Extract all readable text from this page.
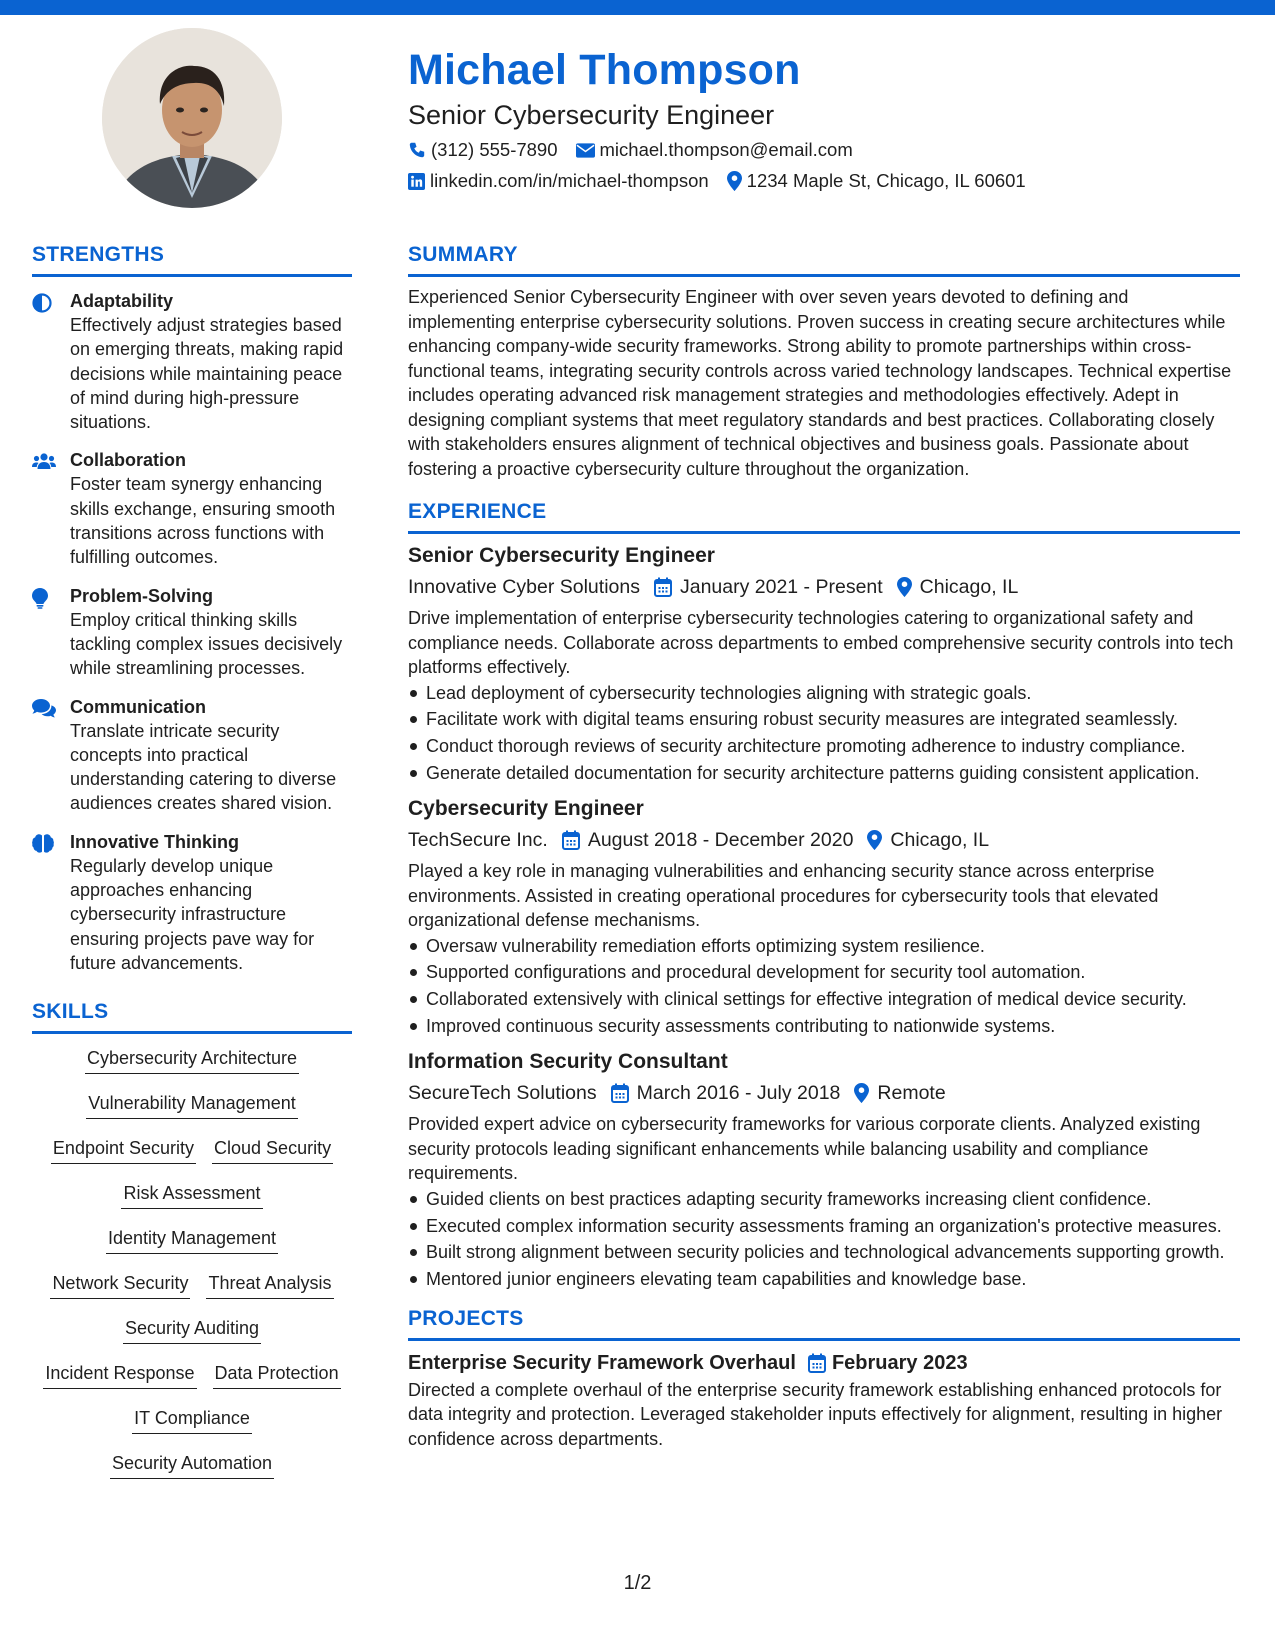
Michael Thompson
Senior Cybersecurity Engineer
(312) 555-7890 michael.thompson@email.com
linkedin.com/in/michael-thompson 1234 Maple St, Chicago, IL 60601
STRENGTHS
Adaptability
Effectively adjust strategies based on emerging threats, making rapid decisions while maintaining peace of mind during high-pressure situations.
Collaboration
Foster team synergy enhancing skills exchange, ensuring smooth transitions across functions with fulfilling outcomes.
Problem-Solving
Employ critical thinking skills tackling complex issues decisively while streamlining processes.
Communication
Translate intricate security concepts into practical understanding catering to diverse audiences creates shared vision.
Innovative Thinking
Regularly develop unique approaches enhancing cybersecurity infrastructure ensuring projects pave way for future advancements.
SKILLS
Cybersecurity Architecture
Vulnerability Management
Endpoint Security Cloud Security
Risk Assessment
Identity Management
Network Security Threat Analysis
Security Auditing
Incident Response Data Protection
IT Compliance
Security Automation
SUMMARY
Experienced Senior Cybersecurity Engineer with over seven years devoted to defining and implementing enterprise cybersecurity solutions. Proven success in creating secure architectures while enhancing company-wide security frameworks. Strong ability to promote partnerships within cross-functional teams, integrating security controls across varied technology landscapes. Technical expertise includes operating advanced risk management strategies and methodologies effectively. Adept in designing compliant systems that meet regulatory standards and best practices. Collaborating closely with stakeholders ensures alignment of technical objectives and business goals. Passionate about fostering a proactive cybersecurity culture throughout the organization.
EXPERIENCE
Senior Cybersecurity Engineer
Innovative Cyber Solutions January 2021 - Present Chicago, IL
Drive implementation of enterprise cybersecurity technologies catering to organizational safety and compliance needs. Collaborate across departments to embed comprehensive security controls into tech platforms effectively.
Lead deployment of cybersecurity technologies aligning with strategic goals.
Facilitate work with digital teams ensuring robust security measures are integrated seamlessly.
Conduct thorough reviews of security architecture promoting adherence to industry compliance.
Generate detailed documentation for security architecture patterns guiding consistent application.
Cybersecurity Engineer
TechSecure Inc. August 2018 - December 2020 Chicago, IL
Played a key role in managing vulnerabilities and enhancing security stance across enterprise environments. Assisted in creating operational procedures for cybersecurity tools that elevated organizational defense mechanisms.
Oversaw vulnerability remediation efforts optimizing system resilience.
Supported configurations and procedural development for security tool automation.
Collaborated extensively with clinical settings for effective integration of medical device security.
Improved continuous security assessments contributing to nationwide systems.
Information Security Consultant
SecureTech Solutions March 2016 - July 2018 Remote
Provided expert advice on cybersecurity frameworks for various corporate clients. Analyzed existing security protocols leading significant enhancements while balancing usability and compliance requirements.
Guided clients on best practices adapting security frameworks increasing client confidence.
Executed complex information security assessments framing an organization's protective measures.
Built strong alignment between security policies and technological advancements supporting growth.
Mentored junior engineers elevating team capabilities and knowledge base.
PROJECTS
Enterprise Security Framework Overhaul February 2023
Directed a complete overhaul of the enterprise security framework establishing enhanced protocols for data integrity and protection. Leveraged stakeholder inputs effectively for alignment, resulting in higher confidence across departments.
1/2
